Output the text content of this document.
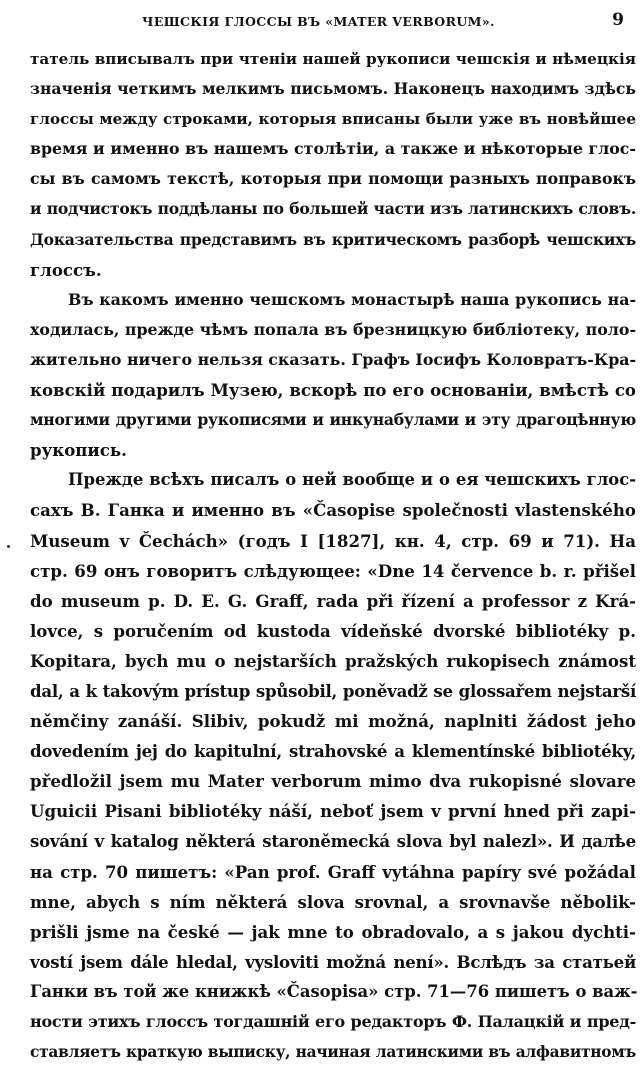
ЧЕШСКІЯ ГЛОССЫ ВЪ «MATER VERBORUM».	9
татель вписывалъ при чтеніи нашей рукописи чешскія и нѣмецкія
значенія четкимъ мелкимъ письмомъ. Наконецъ находимъ здѣсь
глоссы между строками, которыя вписаны были уже въ новѣйшее
время и именно въ нашемъ столѣтіи, а также и нѣкоторые глос-
сы въ самомъ текстѣ, которыя при помощи разныхъ поправокъ
и подчистокъ поддѣланы по большей части изъ латинскихъ словъ.
Доказательства представимъ въ критическомъ разборѣ чешскихъ
глоссъ.
Въ какомъ именно чешскомъ монастырѣ наша рукопись на-
ходилась, прежде чѣмъ попала въ брезницкую библіотеку, поло-
жительно ничего нельзя сказать. Графъ Іосифъ Коловратъ-Кра-
ковскій подарилъ Музею, вскорѣ по его основаніи, вмѣстѣ со
многими другими рукописями и инкунабулами и эту драгоцѣнную
рукопись.
Прежде всѣхъ писалъ о ней вообще и о ея чешскихъ глос-
сахъ В. Ганка и именно въ «Časopise společnosti vlastenského
Museum v Čechách» (годъ I [1827], кн. 4, стр. 69 и 71). На
стр. 69 онъ говоритъ слѣдующее: «Dne 14 července b. r. přišel
do museum p. D. E. G. Graff, rada při řízení a professor z Krá-
lovce, s poručením od kustoda vídeňské dvorské bibliotéky p.
Kopitara, bych mu o nejstarších pražských rukopisech známost
dal, a k takovým prístup spůsobil, poněvadž se glossařem nejstarší
němčiny zanáší. Slibiv, pokudž mi možná, naplniti žádost jeho
dovedením jej do kapitulní, strahovské a klementínské bibliotéky,
předložil jsem mu Mater verborum mimo dva rukopisné slovare
Uguicii Pisani bibliotéky náší, neboť jsem v první hned při zapi-
sování v katalog některá staroněmecká slova byl nalezl». И далѣе
на стр. 70 пишетъ: «Pan prof. Graff vytáhna papíry své požádal
mne, abych s ním některá slova srovnal, a srovnavše něbolik-
prišli jsme na české — jak mne to obradovalo, a s jakou dychti-
vostí jsem dále hledal, vysloviti možná není». Вслѣдъ за статьей
Ганки въ той же книжкѣ «Časopisa» стр. 71—76 пишетъ о важ-
ности этихъ глоссъ тогдашній его редакторъ Ф. Палацкій и пред-
ставляетъ краткую выписку, начиная латинскими въ алфавитномъ
